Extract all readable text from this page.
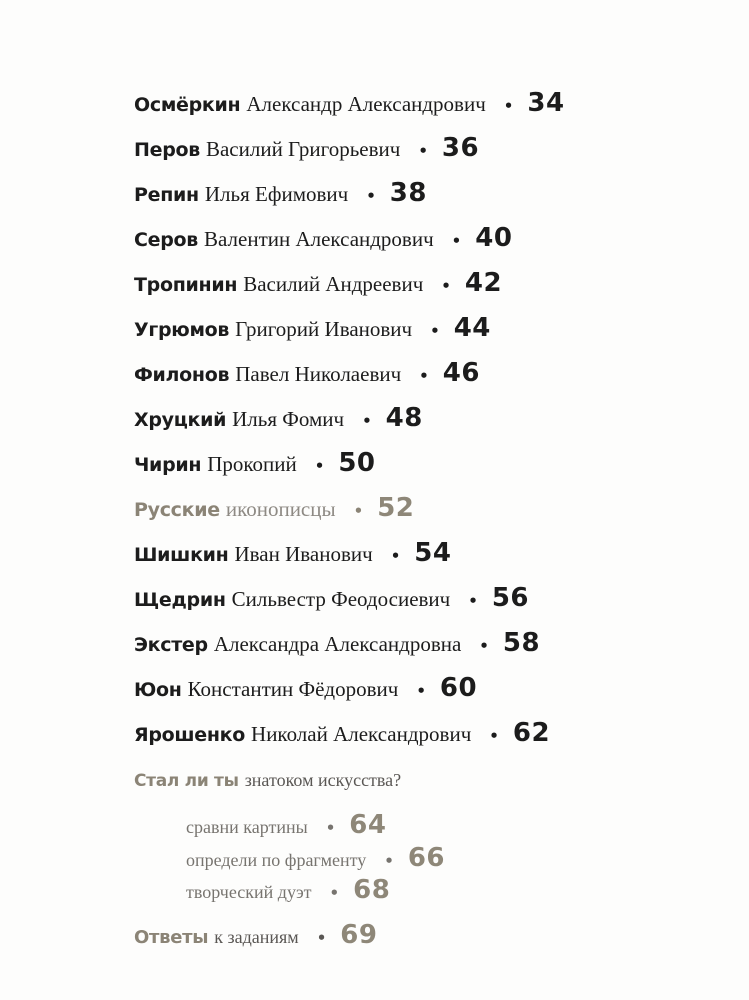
Осмёркин Александр Александрович • 34
Перов Василий Григорьевич • 36
Репин Илья Ефимович • 38
Серов Валентин Александрович • 40
Тропинин Василий Андреевич • 42
Угрюмов Григорий Иванович • 44
Филонов Павел Николаевич • 46
Хруцкий Илья Фомич • 48
Чирин Прокопий • 50
Русские иконописцы • 52
Шишкин Иван Иванович • 54
Щедрин Сильвестр Феодосиевич • 56
Экстер Александра Александровна • 58
Юон Константин Фёдорович • 60
Ярошенко Николай Александрович • 62
Стал ли ты знатоком искусства?
сравни картины • 64
определи по фрагменту • 66
творческий дуэт • 68
Ответы к заданиям • 69
